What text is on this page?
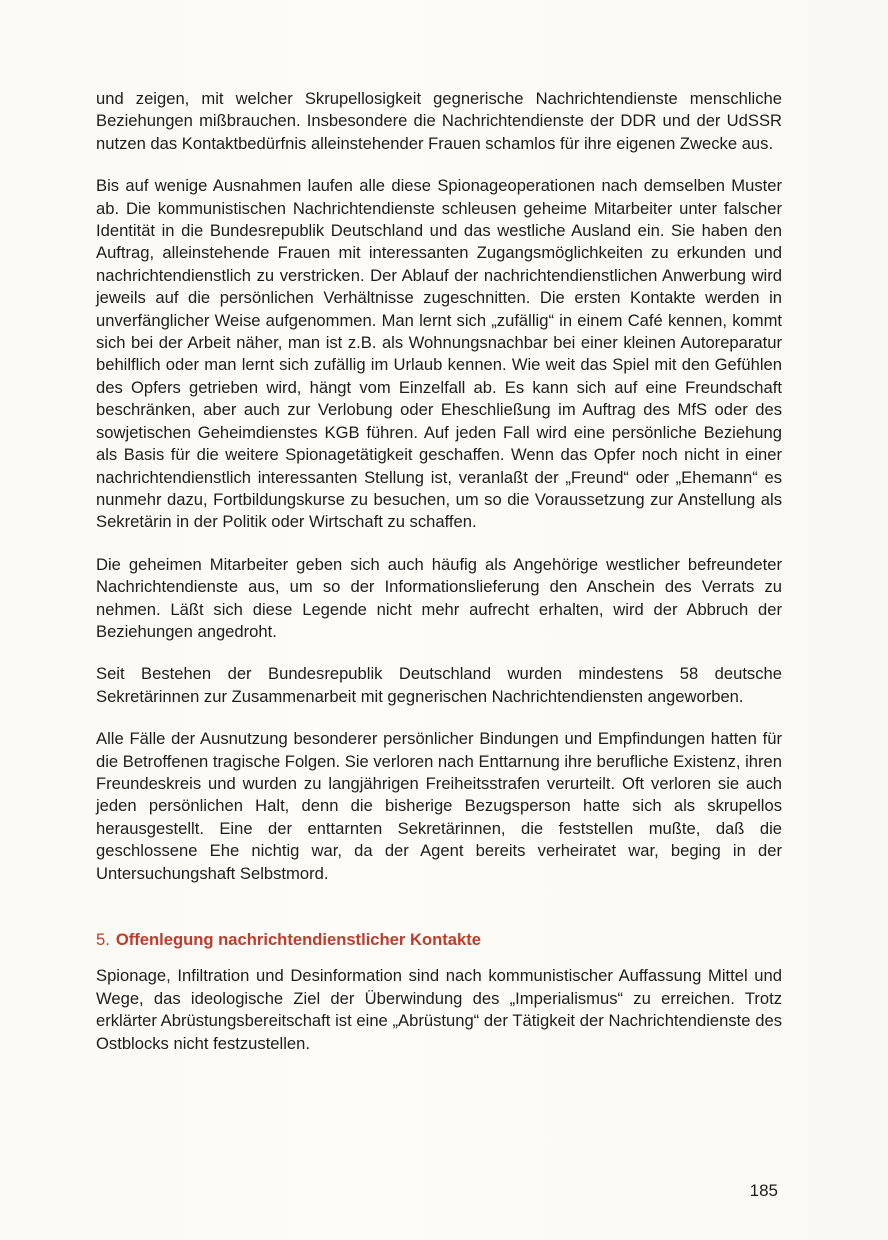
und zeigen, mit welcher Skrupellosigkeit gegnerische Nachrichtendienste menschliche Beziehungen mißbrauchen. Insbesondere die Nachrichtendienste der DDR und der UdSSR nutzen das Kontaktbedürfnis alleinstehender Frauen schamlos für ihre eigenen Zwecke aus.

Bis auf wenige Ausnahmen laufen alle diese Spionageoperationen nach demselben Muster ab. Die kommunistischen Nachrichtendienste schleusen geheime Mitarbeiter unter falscher Identität in die Bundesrepublik Deutschland und das westliche Ausland ein. Sie haben den Auftrag, alleinstehende Frauen mit interessanten Zugangsmöglichkeiten zu erkunden und nachrichtendienstlich zu verstricken. Der Ablauf der nachrichtendienstlichen Anwerbung wird jeweils auf die persönlichen Verhältnisse zugeschnitten. Die ersten Kontakte werden in unverfänglicher Weise aufgenommen. Man lernt sich „zufällig“ in einem Café kennen, kommt sich bei der Arbeit näher, man ist z.B. als Wohnungsnachbar bei einer kleinen Autoreparatur behilflich oder man lernt sich zufällig im Urlaub kennen. Wie weit das Spiel mit den Gefühlen des Opfers getrieben wird, hängt vom Einzelfall ab. Es kann sich auf eine Freundschaft beschränken, aber auch zur Verlobung oder Eheschließung im Auftrag des MfS oder des sowjetischen Geheimdienstes KGB führen. Auf jeden Fall wird eine persönliche Beziehung als Basis für die weitere Spionagetätigkeit geschaffen. Wenn das Opfer noch nicht in einer nachrichtendienstlich interessanten Stellung ist, veranlaßt der „Freund“ oder „Ehemann“ es nunmehr dazu, Fortbildungskurse zu besuchen, um so die Voraussetzung zur Anstellung als Sekretärin in der Politik oder Wirtschaft zu schaffen.

Die geheimen Mitarbeiter geben sich auch häufig als Angehörige westlicher befreundeter Nachrichtendienste aus, um so der Informationslieferung den Anschein des Verrats zu nehmen. Läßt sich diese Legende nicht mehr aufrecht erhalten, wird der Abbruch der Beziehungen angedroht.

Seit Bestehen der Bundesrepublik Deutschland wurden mindestens 58 deutsche Sekretärinnen zur Zusammenarbeit mit gegnerischen Nachrichtendiensten angeworben.

Alle Fälle der Ausnutzung besonderer persönlicher Bindungen und Empfindungen hatten für die Betroffenen tragische Folgen. Sie verloren nach Enttarnung ihre berufliche Existenz, ihren Freundeskreis und wurden zu langjährigen Freiheitsstrafen verurteilt. Oft verloren sie auch jeden persönlichen Halt, denn die bisherige Bezugsperson hatte sich als skrupellos herausgestellt. Eine der enttarnten Sekretärinnen, die feststellen mußte, daß die geschlossene Ehe nichtig war, da der Agent bereits verheiratet war, beging in der Untersuchungshaft Selbstmord.

5. Offenlegung nachrichtendienstlicher Kontakte

Spionage, Infiltration und Desinformation sind nach kommunistischer Auffassung Mittel und Wege, das ideologische Ziel der Überwindung des „Imperialismus“ zu erreichen. Trotz erklärter Abrüstungsbereitschaft ist eine „Abrüstung“ der Tätigkeit der Nachrichtendienste des Ostblocks nicht festzustellen.

185
